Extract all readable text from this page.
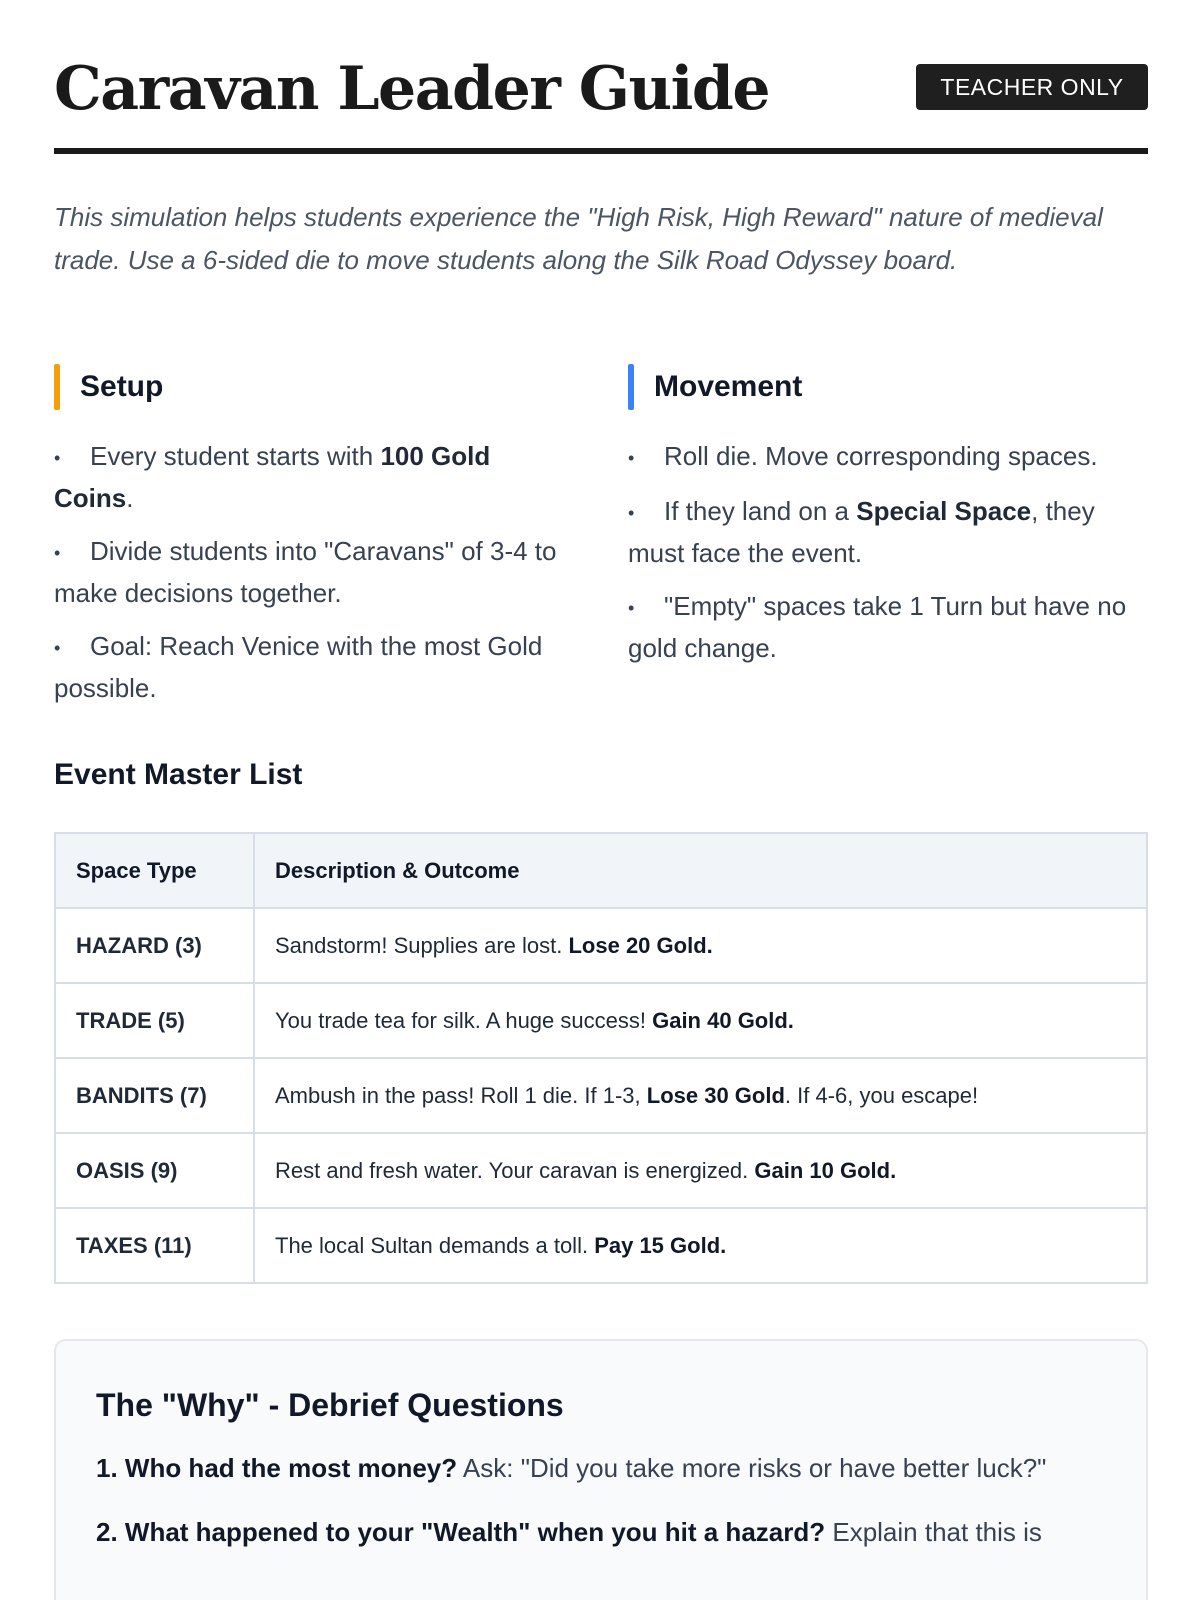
Caravan Leader Guide	TEACHER ONLY

This simulation helps students experience the "High Risk, High Reward" nature of medieval trade. Use a 6-sided die to move students along the Silk Road Odyssey board.

Setup
• Every student starts with 100 Gold Coins.
• Divide students into "Caravans" of 3-4 to make decisions together.
• Goal: Reach Venice with the most Gold possible.
Movement
• Roll die. Move corresponding spaces.
• If they land on a Special Space, they must face the event.
• "Empty" spaces take 1 Turn but have no gold change.
Event Master List
Space Type	Description & Outcome
HAZARD (3)	Sandstorm! Supplies are lost. Lose 20 Gold.
TRADE (5)	You trade tea for silk. A huge success! Gain 40 Gold.
BANDITS (7)	Ambush in the pass! Roll 1 die. If 1-3, Lose 30 Gold. If 4-6, you escape!
OASIS (9)	Rest and fresh water. Your caravan is energized. Gain 10 Gold.
TAXES (11)	The local Sultan demands a toll. Pay 15 Gold.
The "Why" - Debrief Questions

1. Who had the most money? Ask: "Did you take more risks or have better luck?"

2. What happened to your "Wealth" when you hit a hazard? Explain that this is
